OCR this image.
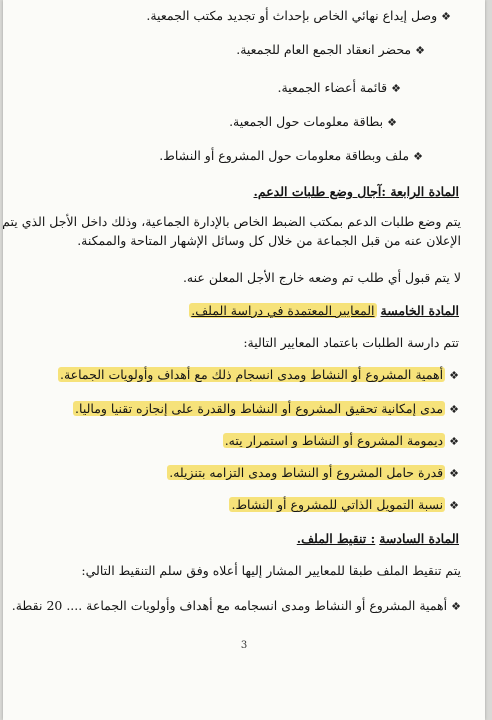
❖ وصل إيداع نهائي الخاص بإحداث أو تجديد مكتب الجمعية.
❖ محضر انعقاد الجمع العام للجمعية.
❖ قائمة أعضاء الجمعية.
❖ بطاقة معلومات حول الجمعية.
❖ ملف وبطاقة معلومات حول المشروع أو النشاط.
المادة الرابعة :آجال وضع طلبات الدعم.
يتم وضع طلبات الدعم بمكتب الضبط الخاص بالإدارة الجماعية، وذلك داخل الأجل الذي يتم
الإعلان عنه من قبل الجماعة من خلال كل وسائل الإشهار المتاحة والممكنة.
لا يتم قبول أي طلب تم وضعه خارج الأجل المعلن عنه.
المادة الخامسة المعايير المعتمدة في دراسة الملف.
تتم دارسة الطلبات باعتماد المعايير التالية:
❖ أهمية المشروع أو النشاط ومدى انسجام ذلك مع أهداف وأولويات الجماعة.
❖ مدى إمكانية تحقيق المشروع أو النشاط والقدرة على إنجازه تقنيا وماليا.
❖ ديمومة المشروع أو النشاط و استمرار يته.
❖ قدرة حامل المشروع أو النشاط ومدى التزامه بتنزيله.
❖ نسبة التمويل الذاتي للمشروع أو النشاط.
المادة السادسة : تنقيط الملف.
يتم تنقيط الملف طبقا للمعايير المشار إليها أعلاه وفق سلم التنقيط التالي:
❖ أهمية المشروع أو النشاط ومدى انسجامه مع أهداف وأولويات الجماعة .... 20 نقطة.
3
